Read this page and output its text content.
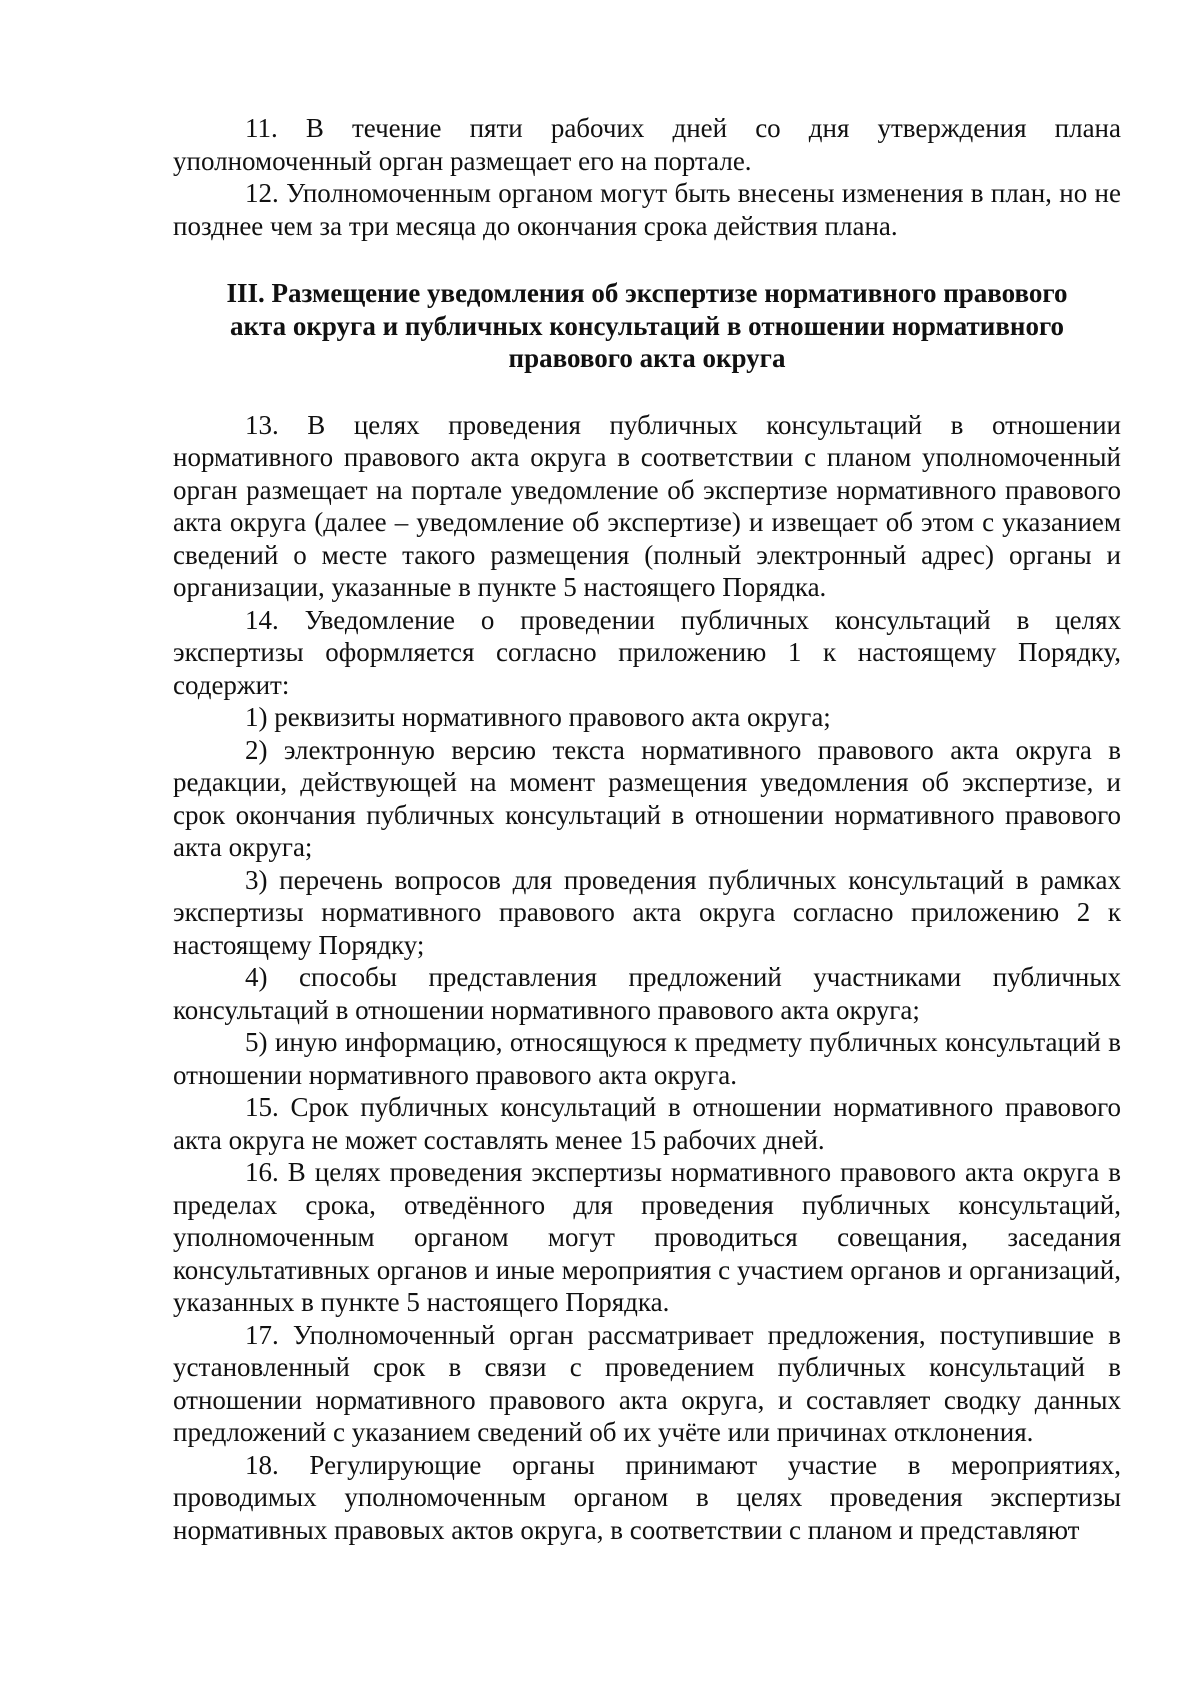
11. В течение пяти рабочих дней со дня утверждения плана уполномоченный орган размещает его на портале.

12. Уполномоченным органом могут быть внесены изменения в план, но не позднее чем за три месяца до окончания срока действия плана.

III. Размещение уведомления об экспертизе нормативного правового
акта округа и публичных консультаций в отношении нормативного
правового акта округа

13. В целях проведения публичных консультаций в отношении нормативного правового акта округа в соответствии с планом уполномоченный орган размещает на портале уведомление об экспертизе нормативного правового акта округа (далее – уведомление об экспертизе) и извещает об этом с указанием сведений о месте такого размещения (полный электронный адрес) органы и организации, указанные в пункте 5 настоящего Порядка.

14. Уведомление о проведении публичных консультаций в целях экспертизы оформляется согласно приложению 1 к настоящему Порядку, содержит:

1) реквизиты нормативного правового акта округа;

2) электронную версию текста нормативного правового акта округа в редакции, действующей на момент размещения уведомления об экспертизе, и срок окончания публичных консультаций в отношении нормативного правового акта округа;

3) перечень вопросов для проведения публичных консультаций в рамках экспертизы нормативного правового акта округа согласно приложению 2 к настоящему Порядку;

4) способы представления предложений участниками публичных консультаций в отношении нормативного правового акта округа;

5) иную информацию, относящуюся к предмету публичных консультаций в отношении нормативного правового акта округа.

15. Срок публичных консультаций в отношении нормативного правового акта округа не может составлять менее 15 рабочих дней.

16. В целях проведения экспертизы нормативного правового акта округа в пределах срока, отведённого для проведения публичных консультаций, уполномоченным органом могут проводиться совещания, заседания консультативных органов и иные мероприятия с участием органов и организаций, указанных в пункте 5 настоящего Порядка.

17. Уполномоченный орган рассматривает предложения, поступившие в установленный срок в связи с проведением публичных консультаций в отношении нормативного правового акта округа, и составляет сводку данных предложений с указанием сведений об их учёте или причинах отклонения.

18. Регулирующие органы принимают участие в мероприятиях, проводимых уполномоченным органом в целях проведения экспертизы нормативных правовых актов округа, в соответствии с планом и представляют
